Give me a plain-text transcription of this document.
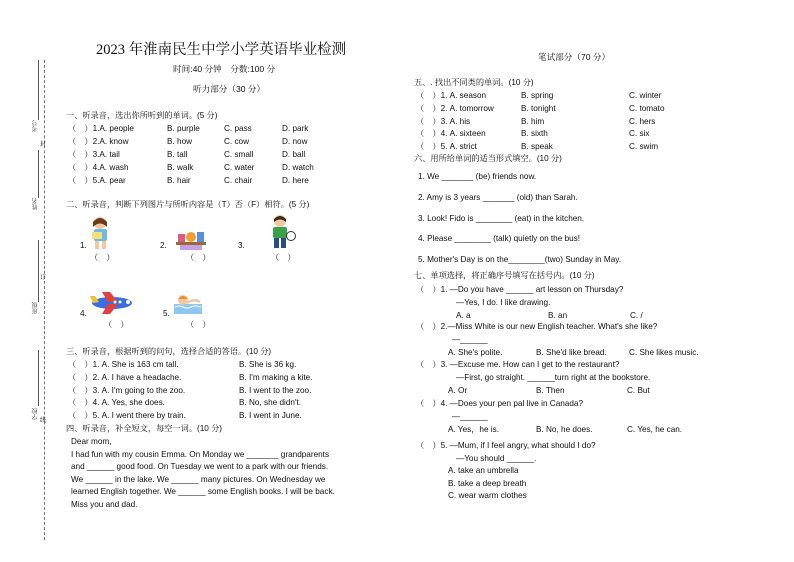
考号
封
姓名
订
班级
学校
线
2023 年淮南民生中学小学英语毕业检测
时间:40 分钟　分数:100 分
听力部分（30 分）
笔试部分（70 分）
一、听录音，选出你所听到的单词。(5 分)
（　）1.A. people	B. purple	C. pass	D. park
（　）2.A. know	B. how	C. cow	D. now
（　）3.A. tail	B. tall	C. small	D. ball
（　）4.A. wash	B. walk	C. water	D. watch
（　）5.A. pear	B. hair	C. chair	D. here
二、听录音，判断下列图片与所听内容是（T）否（F）相符。(5 分)
1.
（　）
2.
（　）
3.
（　）
4.
（　）
5.
（　）
三、听录音，根据听到的问句，选择合适的答语。(10 分)
（　）1. A. She is 163 cm tall.	B. She is 36 kg.
（　）2. A. I have a headache.	B. I'm making a kite.
（　）3. A. I'm going to the zoo.	B. I went to the zoo.
（　）4. A. Yes, she does.	B. No, she didn't.
（　）5. A. I went there by train.	B. I went in June.
四、听录音，补全短文，每空一词。(10 分)
Dear mom,
I had fun with my cousin Emma. On Monday we _______ grandparents
and ______ good food. On Tuesday we went to a park with our friends.
We ______ in the lake. We ______ many pictures. On Wednesday we
learned English together. We ______ some English books. I will be back.
Miss you and dad.
五、. 找出不同类的单词。(10 分)
（　）1. A. season	B. spring	C. winter
（　）2. A. tomorrow	B. tonight	C. tomato
（　）3. A. his	B. him	C. hers
（　）4. A. sixteen	B. sixth	C. six
（　）5. A. strict	B. speak	C. swim
六、用所给单词的适当形式填空。(10 分)
1. We _______ (be) friends now.
2. Amy is 3 years _______ (old) than Sarah.
3. Look! Fido is ________ (eat) in the kitchen.
4. Please ________ (talk) quietly on the bus!
5. Mother's Day is on the________(two) Sunday in May.
七、单项选择，将正确序号填写在括号内。(10 分)
（　）1. —Do you have ______ art lesson on Thursday?
—Yes, I do. I like drawing.
A. a	B. an	C. /
（　）2.—Miss White is our new English teacher. What's she like?
—______
A. She's polite.	B. She'd like bread.	C. She likes music.
（　）3. —Excuse me. How can I get to the restaurant?
—First, go straight. ______turn right at the bookstore.
A. Or	B. Then	C. But
（　）4. —Does your pen pal live in Canada?
—______
A. Yes，he is.	B. No, he does.	C. Yes, he can.
（　）5. —Mum, if I feel angry, what should I do?
—You should ______.
A. take an umbrella
B. take a deep breath
C. wear warm clothes
